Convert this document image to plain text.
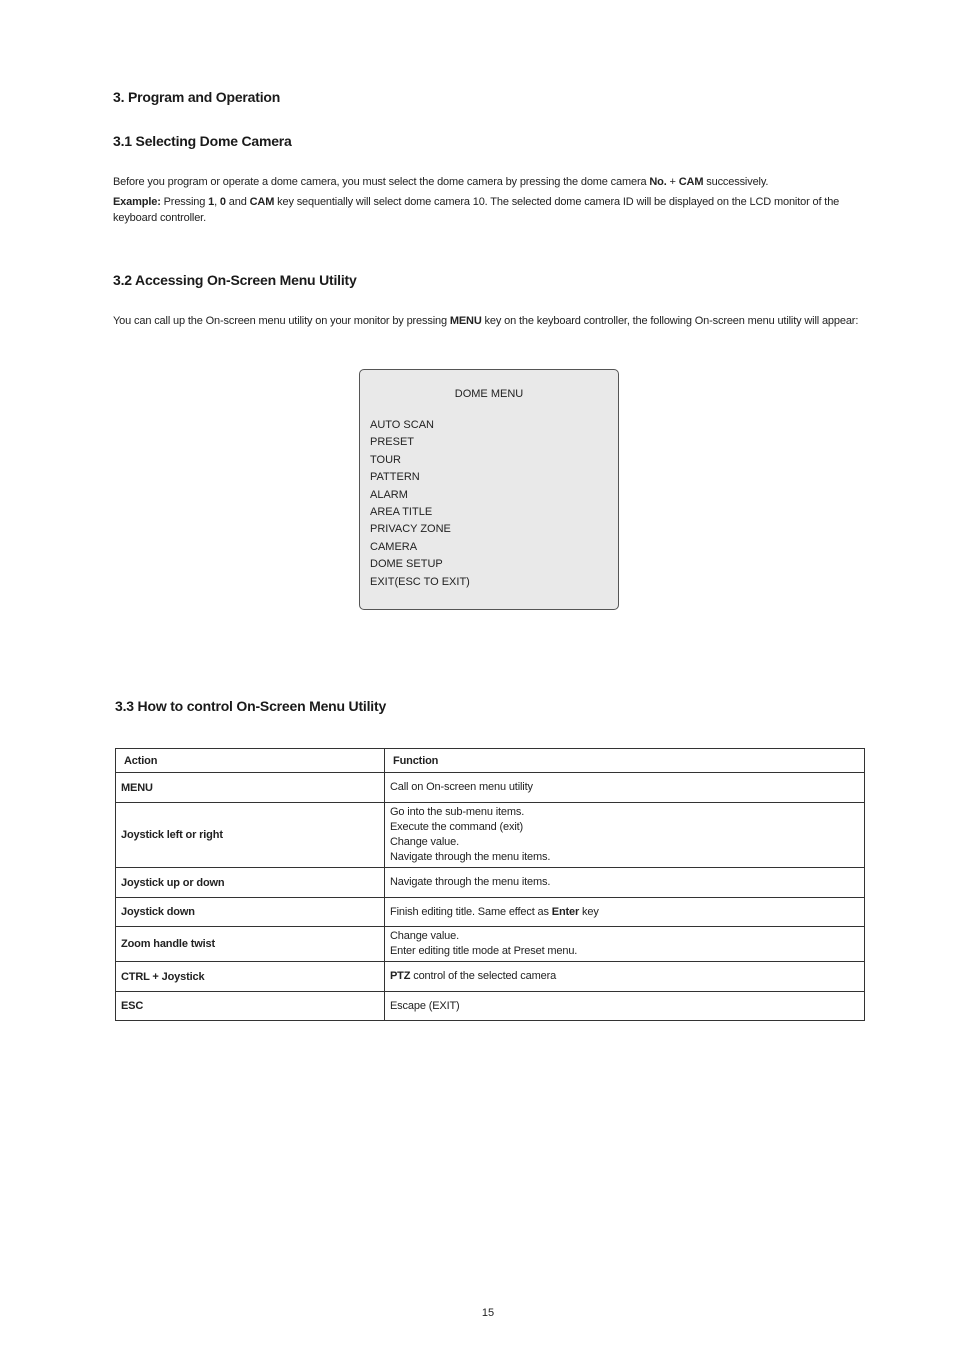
3. Program and Operation
3.1 Selecting Dome Camera
Before you program or operate a dome camera, you must select the dome camera by pressing the dome camera No. + CAM successively.
Example: Pressing 1, 0 and CAM key sequentially will select dome camera 10. The selected dome camera ID will be displayed on the LCD monitor of the keyboard controller.
3.2 Accessing On-Screen Menu Utility
You can call up the On-screen menu utility on your monitor by pressing MENU key on the keyboard controller, the following On-screen menu utility will appear:
DOME MENU
AUTO SCAN
PRESET
TOUR
PATTERN
ALARM
AREA TITLE
PRIVACY ZONE
CAMERA
DOME SETUP
EXIT(ESC TO EXIT)
3.3 How to control On-Screen Menu Utility
Action	Function
MENU	Call on On-screen menu utility

Joystick left or right	Go into the sub-menu items.
Execute the command (exit)
Change value.
Navigate through the menu items.

Joystick up or down	Navigate through the menu items.

Joystick down	Finish editing title. Same effect as Enter key

Zoom handle twist	Change value.
Enter editing title mode at Preset menu.

CTRL + Joystick	PTZ control of the selected camera

ESC	Escape (EXIT)
15
